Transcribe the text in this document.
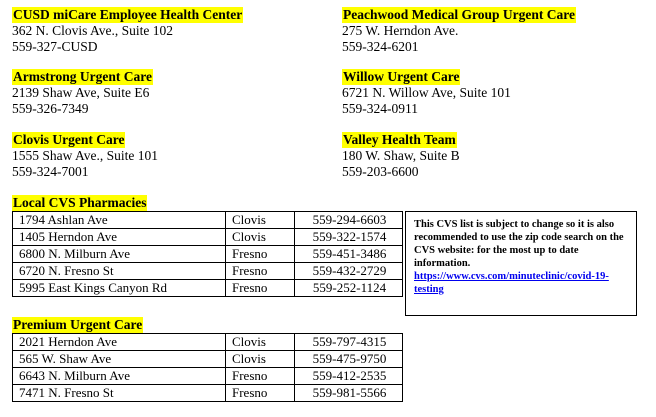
CUSD miCare Employee Health Center
362 N. Clovis Ave., Suite 102
559-327-CUSD
Armstrong Urgent Care
2139 Shaw Ave, Suite E6
559-326-7349
Clovis Urgent Care
1555 Shaw Ave., Suite 101
559-324-7001
Peachwood Medical Group Urgent Care
275 W. Herndon Ave.
559-324-6201
Willow Urgent Care
6721 N. Willow Ave, Suite 101
559-324-0911
Valley Health Team
180 W. Shaw, Suite B
559-203-6600
Local CVS Pharmacies
1794 Ashlan Ave	Clovis	559-294-6603
1405 Herndon Ave	Clovis	559-322-1574
6800 N. Milburn Ave	Fresno	559-451-3486
6720 N. Fresno St	Fresno	559-432-2729
5995 East Kings Canyon Rd	Fresno	559-252-1124
This CVS list is subject to change so it is also recommended to use the zip code search on the CVS website: for the most up to date information.
https://www.cvs.com/minuteclinic/covid-19-testing
Premium Urgent Care
2021 Herndon Ave	Clovis	559-797-4315
565 W. Shaw Ave	Clovis	559-475-9750
6643 N. Milburn Ave	Fresno	559-412-2535
7471 N. Fresno St	Fresno	559-981-5566
